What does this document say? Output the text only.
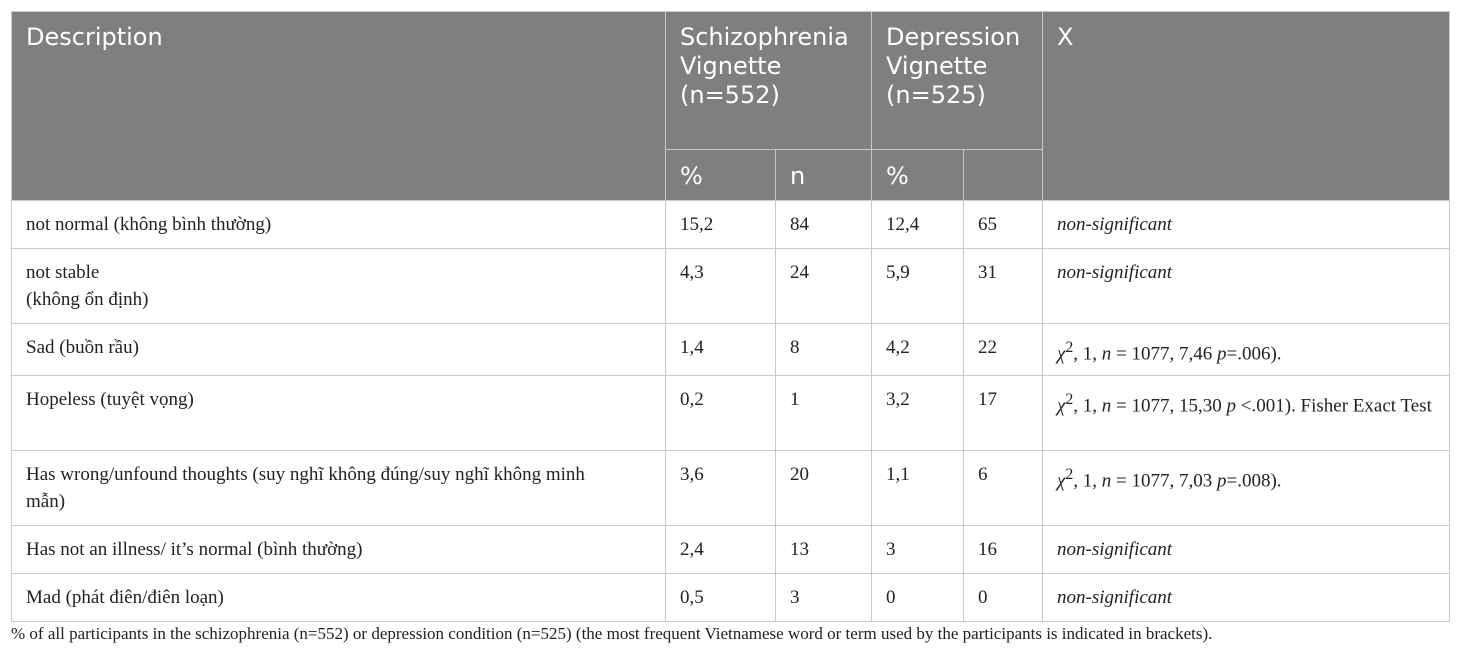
Description	Schizophrenia Vignette (n=552)		Depression Vignette (n=525)		X
	%	n	%		
not normal (không bình thường)	15,2	84	12,4	65	non-significant
not stable
(không ổn định)	4,3	24	5,9	31	non-significant
Sad (buồn rầu)	1,4	8	4,2	22	$\chi^2$, 1, n = 1077, 7,46 p=.006).
Hopeless (tuyệt vọng)	0,2	1	3,2	17	$\chi^2$, 1, n = 1077, 15,30 p <.001). Fisher Exact Test
Has wrong/unfound thoughts (suy nghĩ không đúng/suy nghĩ không minh mẫn)	3,6	20	1,1	6	$\chi^2$, 1, n = 1077, 7,03 p=.008).
Has not an illness/ it’s normal (bình thường)	2,4	13	3	16	non-significant
Mad (phát điên/điên loạn)	0,5	3	0	0	non-significant
% of all participants in the schizophrenia (n=552) or depression condition (n=525) (the most frequent Vietnamese word or term used by the participants is indicated in brackets).
